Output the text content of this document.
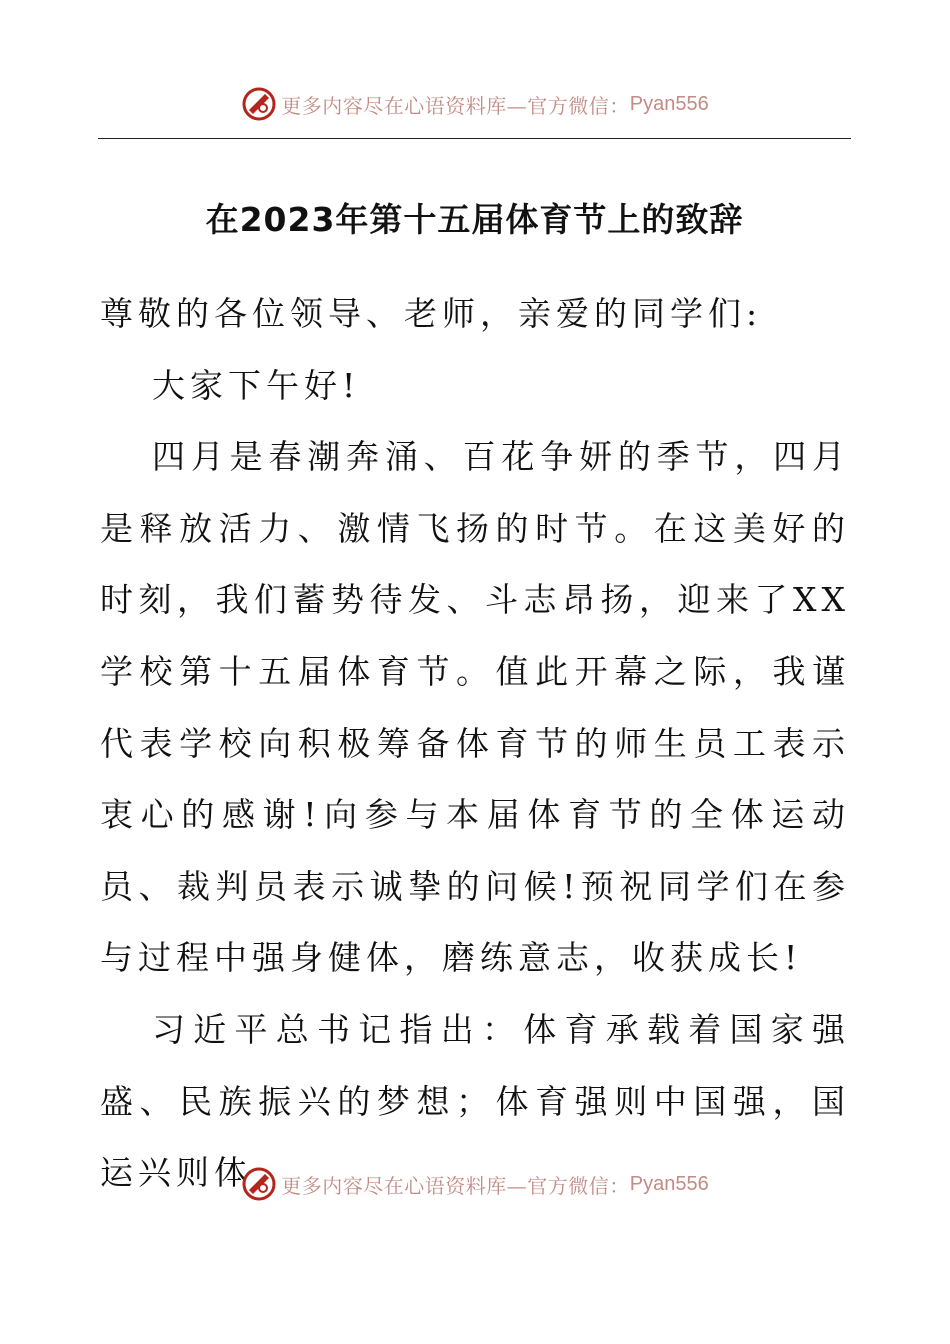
更多内容尽在心语资料库—官方微信： Pyan556
在2023年第十五届体育节上的致辞

尊敬的各位领导、老师，亲爱的同学们:

大家下午好!

四月是春潮奔涌、百花争妍的季节，四月是释放活力、激情飞扬的时节。在这美好的时刻，我们蓄势待发、斗志昂扬，迎来了XX学校第十五届体育节。值此开幕之际，我谨代表学校向积极筹备体育节的师生员工表示衷心的感谢!向参与本届体育节的全体运动员、裁判员表示诚挚的问候!预祝同学们在参与过程中强身健体，磨练意志，收获成长!

习近平总书记指出：体育承载着国家强盛、民族振兴的梦想；体育强则中国强，国运兴则体	更多内容尽在心语资料库—官方微信： Pyan556
